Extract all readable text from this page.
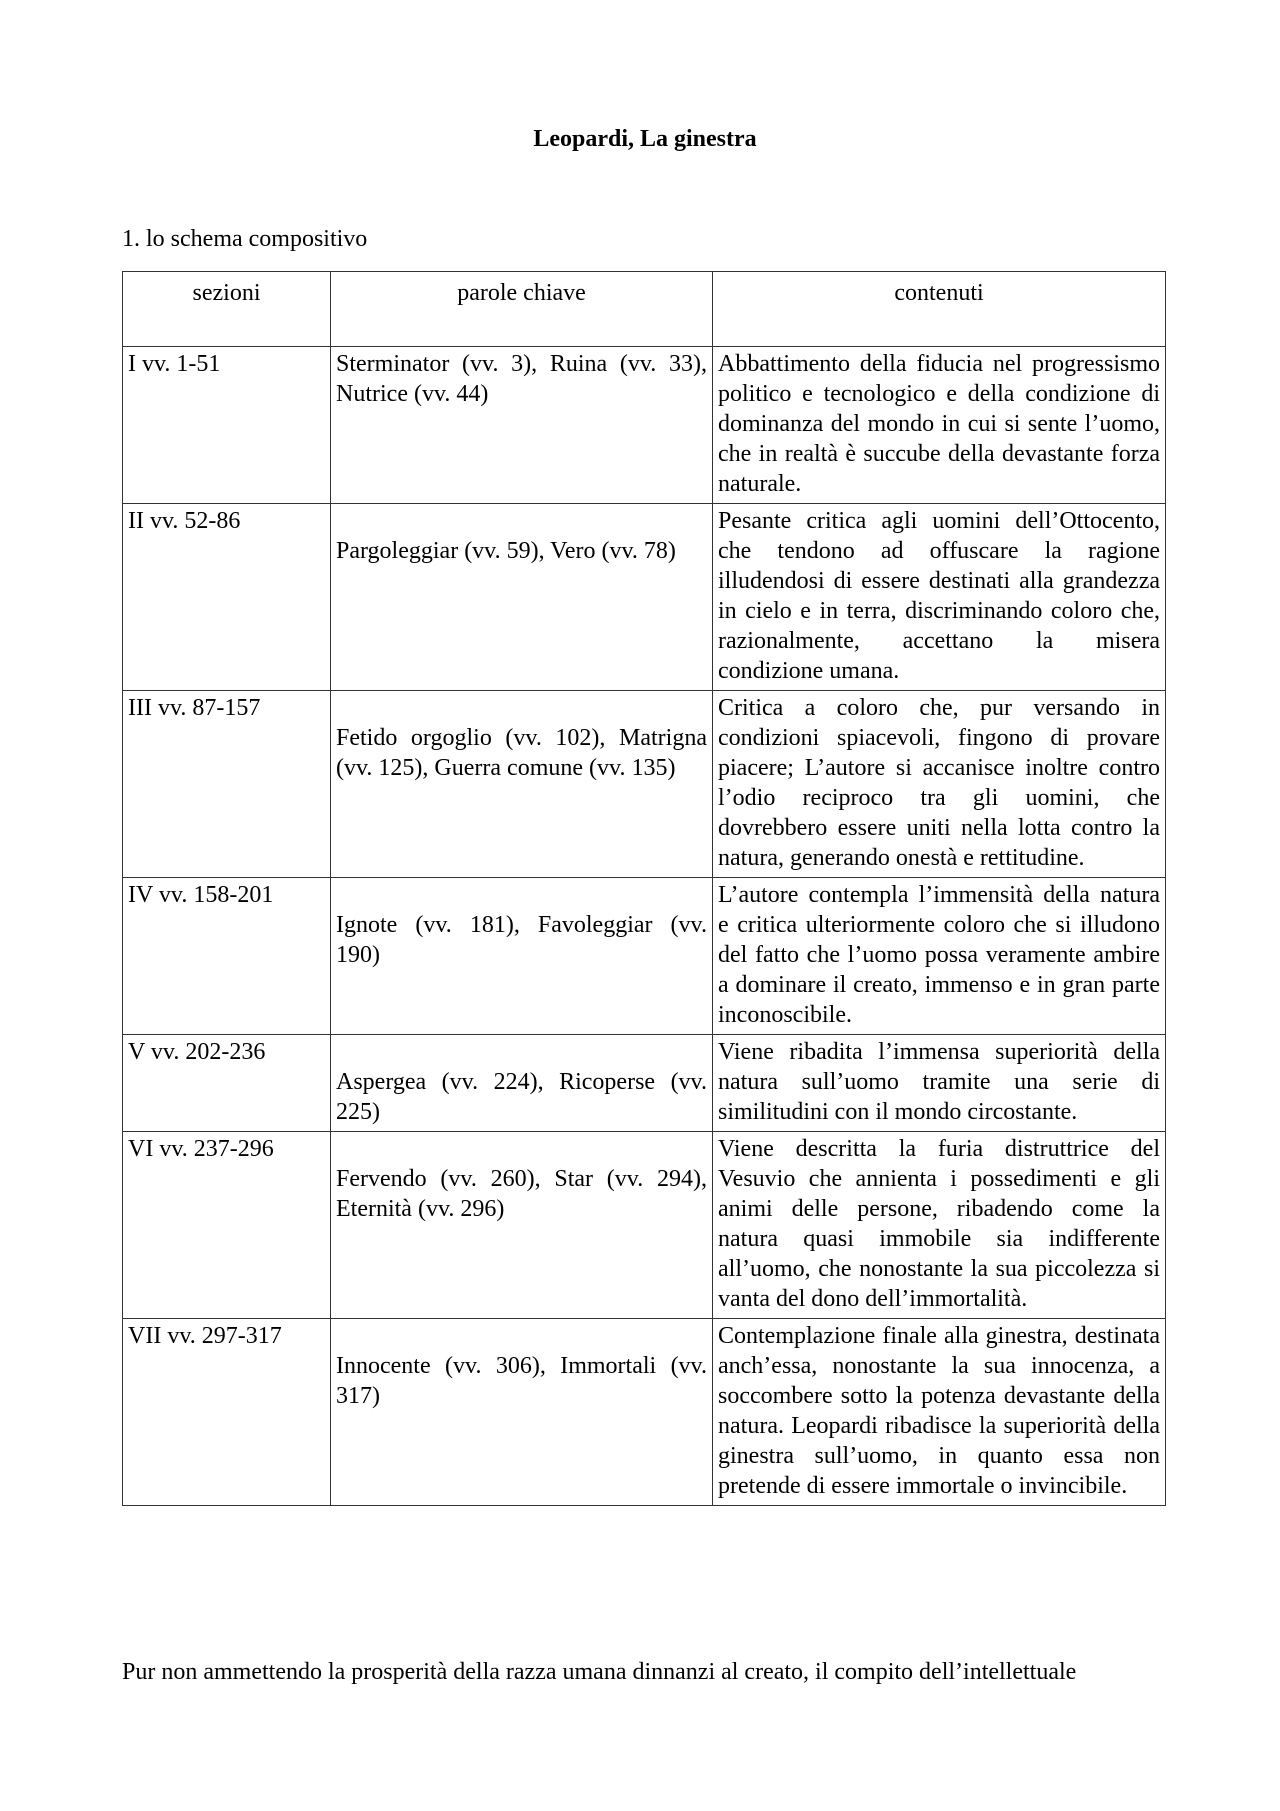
Leopardi, La ginestra

1. lo schema compositivo

sezioni	parole chiave	contenuti
I vv. 1-51	Sterminator (vv. 3), Ruina (vv. 33), Nutrice (vv. 44)	Abbattimento della fiducia nel progressismo politico e tecnologico e della condizione di dominanza del mondo in cui si sente l’uomo, che in realtà è succube della devastante forza naturale.
II vv. 52-86	Pargoleggiar (vv. 59), Vero (vv. 78)	Pesante critica agli uomini dell’Ottocento, che tendono ad offuscare la ragione illudendosi di essere destinati alla grandezza in cielo e in terra, discriminando coloro che, razionalmente, accettano la misera condizione umana.
III vv. 87-157	Fetido orgoglio (vv. 102), Matrigna (vv. 125), Guerra comune (vv. 135)	Critica a coloro che, pur versando in condizioni spiacevoli, fingono di provare piacere; L’autore si accanisce inoltre contro l’odio reciproco tra gli uomini, che dovrebbero essere uniti nella lotta contro la natura, generando onestà e rettitudine.
IV vv. 158-201	Ignote (vv. 181), Favoleggiar (vv. 190)	L’autore contempla l’immensità della natura e critica ulteriormente coloro che si illudono del fatto che l’uomo possa veramente ambire a dominare il creato, immenso e in gran parte inconoscibile.
V vv. 202-236	Aspergea (vv. 224), Ricoperse (vv. 225)	Viene ribadita l’immensa superiorità della natura sull’uomo tramite una serie di similitudini con il mondo circostante.
VI vv. 237-296	Fervendo (vv. 260), Star (vv. 294), Eternità (vv. 296)	Viene descritta la furia distruttrice del Vesuvio che annienta i possedimenti e gli animi delle persone, ribadendo come la natura quasi immobile sia indifferente all’uomo, che nonostante la sua piccolezza si vanta del dono dell’immortalità.
VII vv. 297-317	Innocente (vv. 306), Immortali (vv. 317)	Contemplazione finale alla ginestra, destinata anch’essa, nonostante la sua innocenza, a soccombere sotto la potenza devastante della natura. Leopardi ribadisce la superiorità della ginestra sull’uomo, in quanto essa non pretende di essere immortale o invincibile.

Pur non ammettendo la prosperità della razza umana dinnanzi al creato, il compito dell’intellettuale
